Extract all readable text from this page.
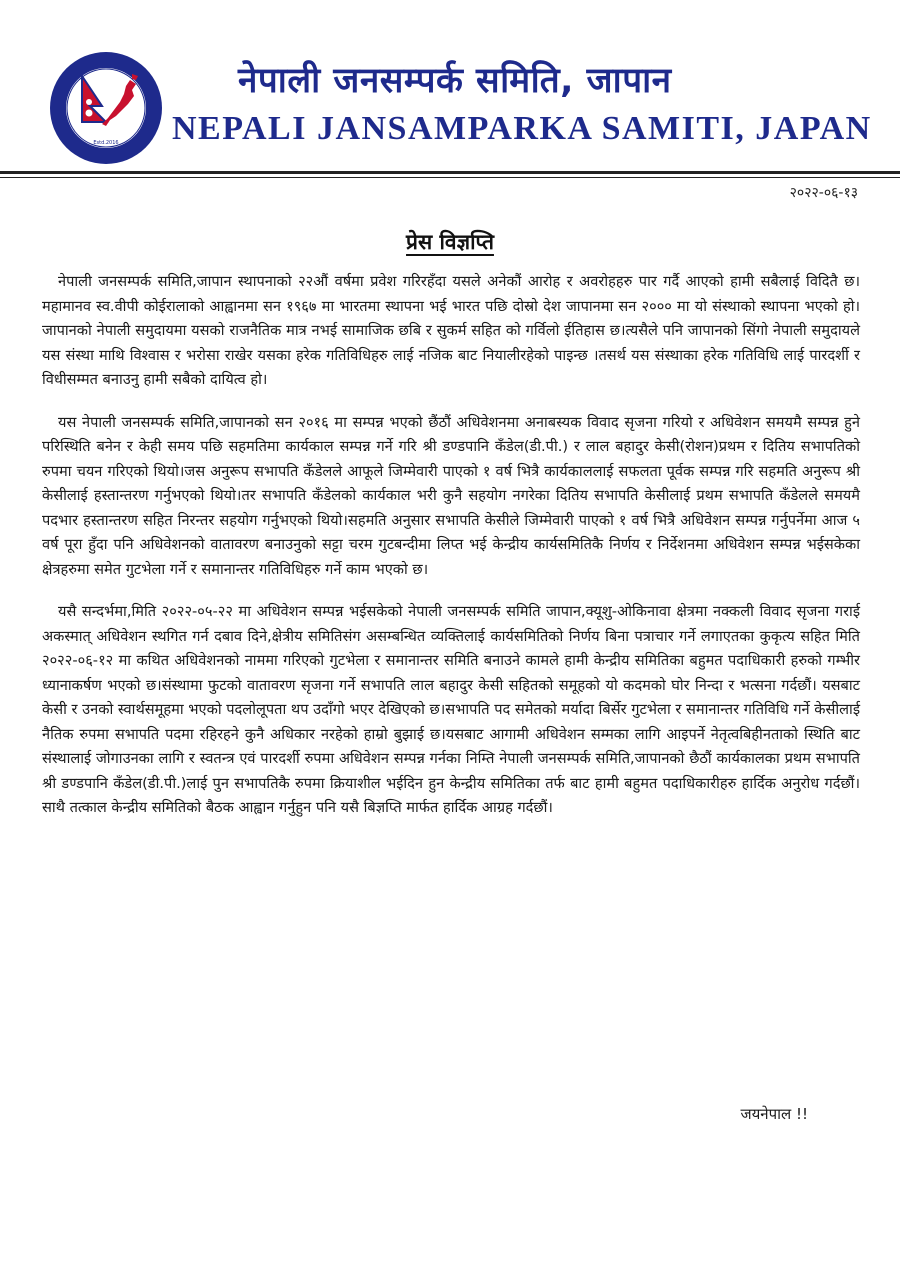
Estd.2016
नेपाली जनसम्पर्क समिति, जापान
NEPALI JANSAMPARKA SAMITI, JAPAN
२०२२-०६-१३
प्रेस विज्ञप्ति

नेपाली जनसम्पर्क समिति,जापान स्थापनाको २२औं वर्षमा प्रवेश गरिरहँदा यसले अनेकौं आरोह र अवरोहहरु पार गर्दै आएको हामी सबैलाई विदितै छ।महामानव स्व.वीपी कोईरालाको आह्वानमा सन १९६७ मा भारतमा स्थापना भई भारत पछि दोस्रो देश जापानमा सन २००० मा यो संस्थाको स्थापना भएको हो।जापानको नेपाली समुदायमा यसको राजनैतिक मात्र नभई सामाजिक छबि र सुकर्म सहित को गर्विलो ईतिहास छ।त्यसैले पनि जापानको सिंगो नेपाली समुदायले यस संस्था माथि विश्वास र भरोसा राखेर यसका हरेक गतिविधिहरु लाई नजिक बाट नियालीरहेको पाइन्छ ।तसर्थ यस संस्थाका हरेक गतिविधि लाई पारदर्शी र विधीसम्मत बनाउनु हामी सबैको दायित्व हो।

यस नेपाली जनसम्पर्क समिति,जापानको सन २०१६ मा सम्पन्न भएको छैंठौं अधिवेशनमा अनाबस्यक विवाद सृजना गरियो र अधिवेशन समयमै सम्पन्न हुने परिस्थिति बनेन र केही समय पछि सहमतिमा कार्यकाल सम्पन्न गर्ने गरि श्री डण्डपानि कँडेल(डी.पी.) र लाल बहादुर केसी(रोशन)प्रथम र दितिय सभापतिको रुपमा चयन गरिएको थियो।जस अनुरूप सभापति कँडेलले आफूले जिम्मेवारी पाएको १ वर्ष भित्रै कार्यकाललाई सफलता पूर्वक सम्पन्न गरि सहमति अनुरूप श्री केसीलाई हस्तान्तरण गर्नुभएको थियो।तर सभापति कँडेलको कार्यकाल भरी कुनै सहयोग नगरेका दितिय सभापति केसीलाई प्रथम सभापति कँडेलले समयमै पदभार हस्तान्तरण सहित निरन्तर सहयोग गर्नुभएको थियो।सहमति अनुसार सभापति केसीले जिम्मेवारी पाएको १ वर्ष भित्रै अधिवेशन सम्पन्न गर्नुपर्नेमा आज ५ वर्ष पूरा हुँदा पनि अधिवेशनको वातावरण बनाउनुको सट्टा चरम गुटबन्दीमा लिप्त भई केन्द्रीय कार्यसमितिकै निर्णय र निर्देशनमा अधिवेशन सम्पन्न भईसकेका क्षेत्रहरुमा समेत गुटभेला गर्ने र समानान्तर गतिविधिहरु गर्ने काम भएको छ।

यसै सन्दर्भमा,मिति २०२२-०५-२२ मा अधिवेशन सम्पन्न भईसकेको नेपाली जनसम्पर्क समिति जापान,क्यूशु-ओकिनावा क्षेत्रमा नक्कली विवाद सृजना गराई अकस्मात् अधिवेशन स्थगित गर्न दबाव दिने,क्षेत्रीय समितिसंग असम्बन्धित व्यक्तिलाई कार्यसमितिको निर्णय बिना पत्राचार गर्ने लगाएतका कुकृत्य सहित मिति २०२२-०६-१२ मा कथित अधिवेशनको नाममा गरिएको गुटभेला र समानान्तर समिति बनाउने कामले हामी केन्द्रीय समितिका बहुमत पदाधिकारी हरुको गम्भीर ध्यानाकर्षण भएको छ।संस्थामा फुटको वातावरण सृजना गर्ने सभापति लाल बहादुर केसी सहितको समूहको यो कदमको घोर निन्दा र भत्सना गर्दछौं। यसबाट केसी र उनको स्वार्थसमूहमा भएको पदलोलूपता थप उदाँगो भएर देखिएको छ।सभापति पद समेतको मर्यादा बिर्सेर गुटभेला र समानान्तर गतिविधि गर्ने केसीलाई नैतिक रुपमा सभापति पदमा रहिरहने कुनै अधिकार नरहेको हाम्रो बुझाई छ।यसबाट आगामी अधिवेशन सम्मका लागि आइपर्ने नेतृत्वबिहीनताको स्थिति बाट संस्थालाई जोगाउनका लागि र स्वतन्त्र एवं पारदर्शी रुपमा अधिवेशन सम्पन्न गर्नका निम्ति नेपाली जनसम्पर्क समिति,जापानको छैठौं कार्यकालका प्रथम सभापति श्री डण्डपानि कँडेल(डी.पी.)लाई पुन सभापतिकै रुपमा क्रियाशील भईदिन हुन केन्द्रीय समितिका तर्फ बाट हामी बहुमत पदाधिकारीहरु हार्दिक अनुरोध गर्दछौं।साथै तत्काल केन्द्रीय समितिको बैठक आह्वान गर्नुहुन पनि यसै बिज्ञप्ति मार्फत हार्दिक आग्रह गर्दछौं।

जयनेपाल !!
